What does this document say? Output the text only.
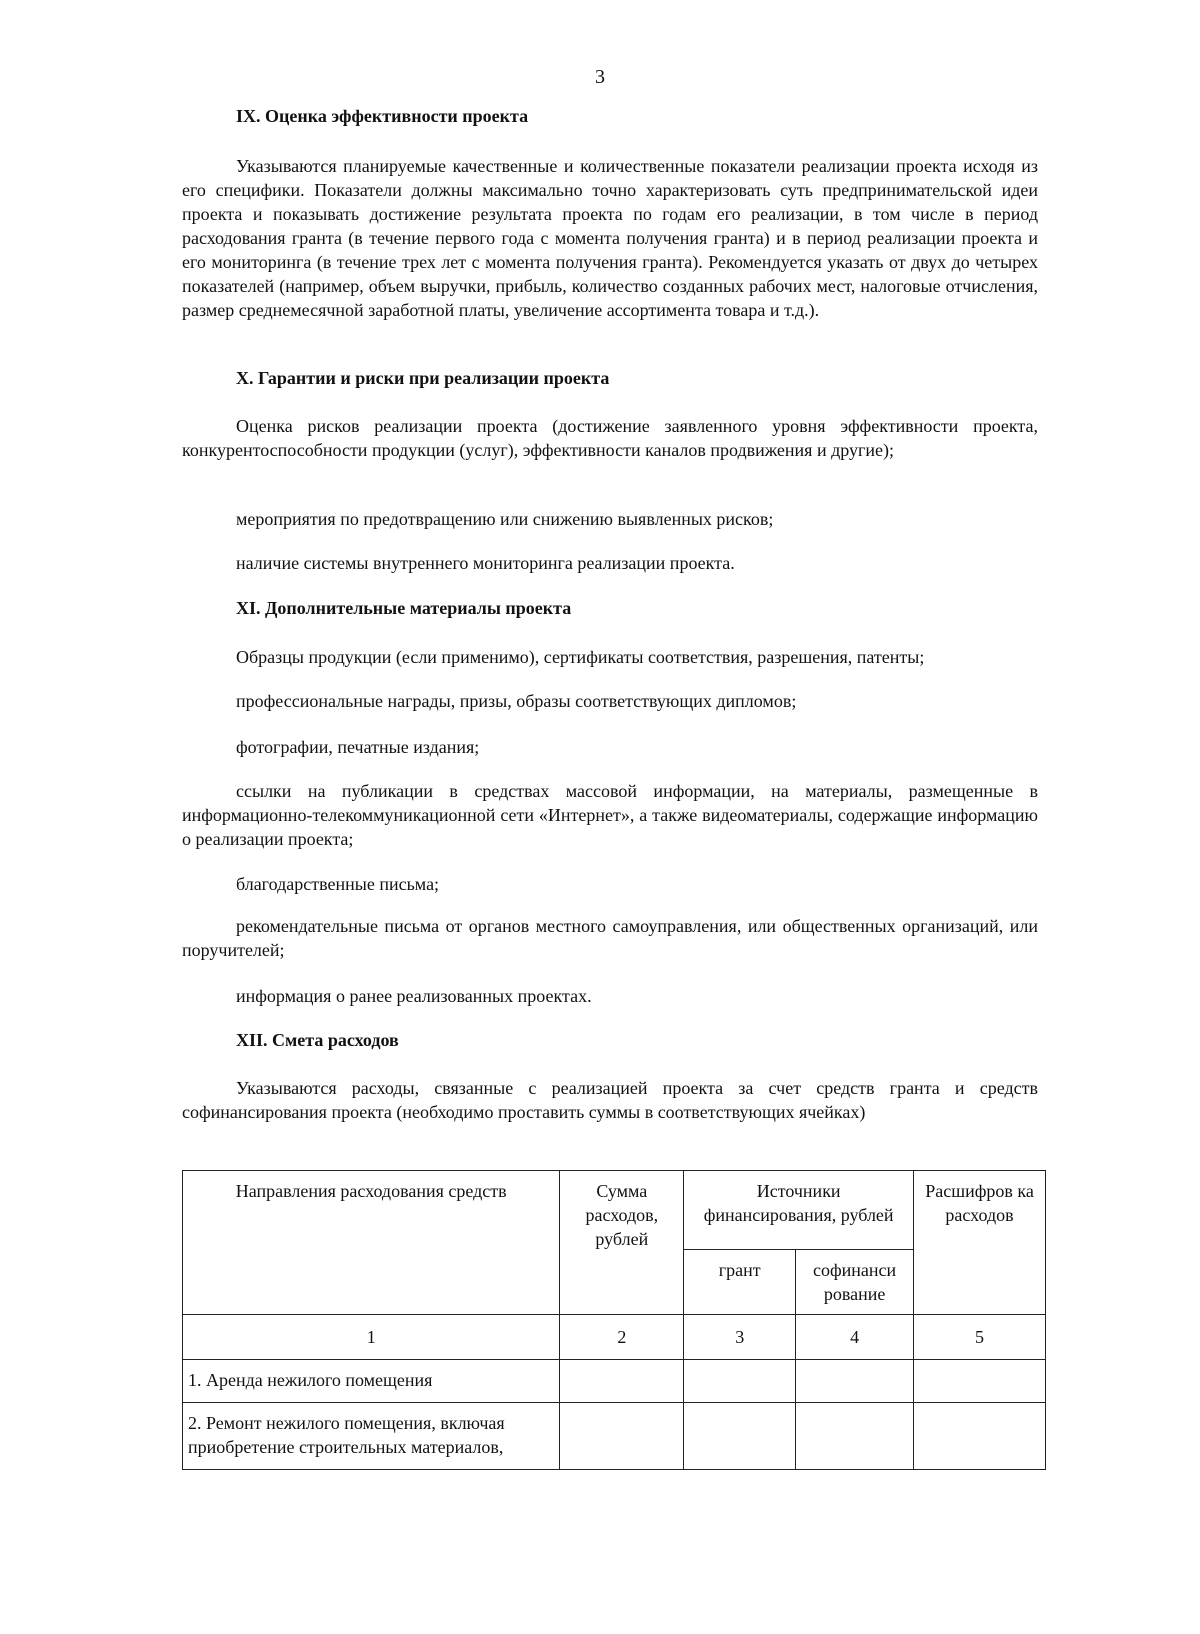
3
IX. Оценка эффективности проекта
Указываются планируемые качественные и количественные показатели реализации проекта исходя из его специфики. Показатели должны максимально точно характеризовать суть предпринимательской идеи проекта и показывать достижение результата проекта по годам его реализации, в том числе в период расходования гранта (в течение первого года с момента получения гранта) и в период реализации проекта и его мониторинга (в течение трех лет с момента получения гранта). Рекомендуется указать от двух до четырех показателей (например, объем выручки, прибыль, количество созданных рабочих мест, налоговые отчисления, размер среднемесячной заработной платы, увеличение ассортимента товара и т.д.).
X. Гарантии и риски при реализации проекта
Оценка рисков реализации проекта (достижение заявленного уровня эффективности проекта, конкурентоспособности продукции (услуг), эффективности каналов продвижения и другие);
мероприятия по предотвращению или снижению выявленных рисков;
наличие системы внутреннего мониторинга реализации проекта.
XI. Дополнительные материалы проекта
Образцы продукции (если применимо), сертификаты соответствия, разрешения, патенты;
профессиональные награды, призы, образы соответствующих дипломов;
фотографии, печатные издания;
ссылки на публикации в средствах массовой информации, на материалы, размещенные в информационно-телекоммуникационной сети «Интернет», а также видеоматериалы, содержащие информацию о реализации проекта;
благодарственные письма;
рекомендательные письма от органов местного самоуправления, или общественных организаций, или поручителей;
информация о ранее реализованных проектах.
XII. Смета расходов
Указываются расходы, связанные с реализацией проекта за счет средств гранта и средств софинансирования проекта (необходимо проставить суммы в соответствующих ячейках)
Направления расходования средств	Сумма расходов, рублей	Источники финансирования, рублей		Расшифров ка расходов
		грант	софинанси рование	
1	2	3	4	5
1. Аренда нежилого помещения				
2. Ремонт нежилого помещения, включая приобретение строительных материалов,				
